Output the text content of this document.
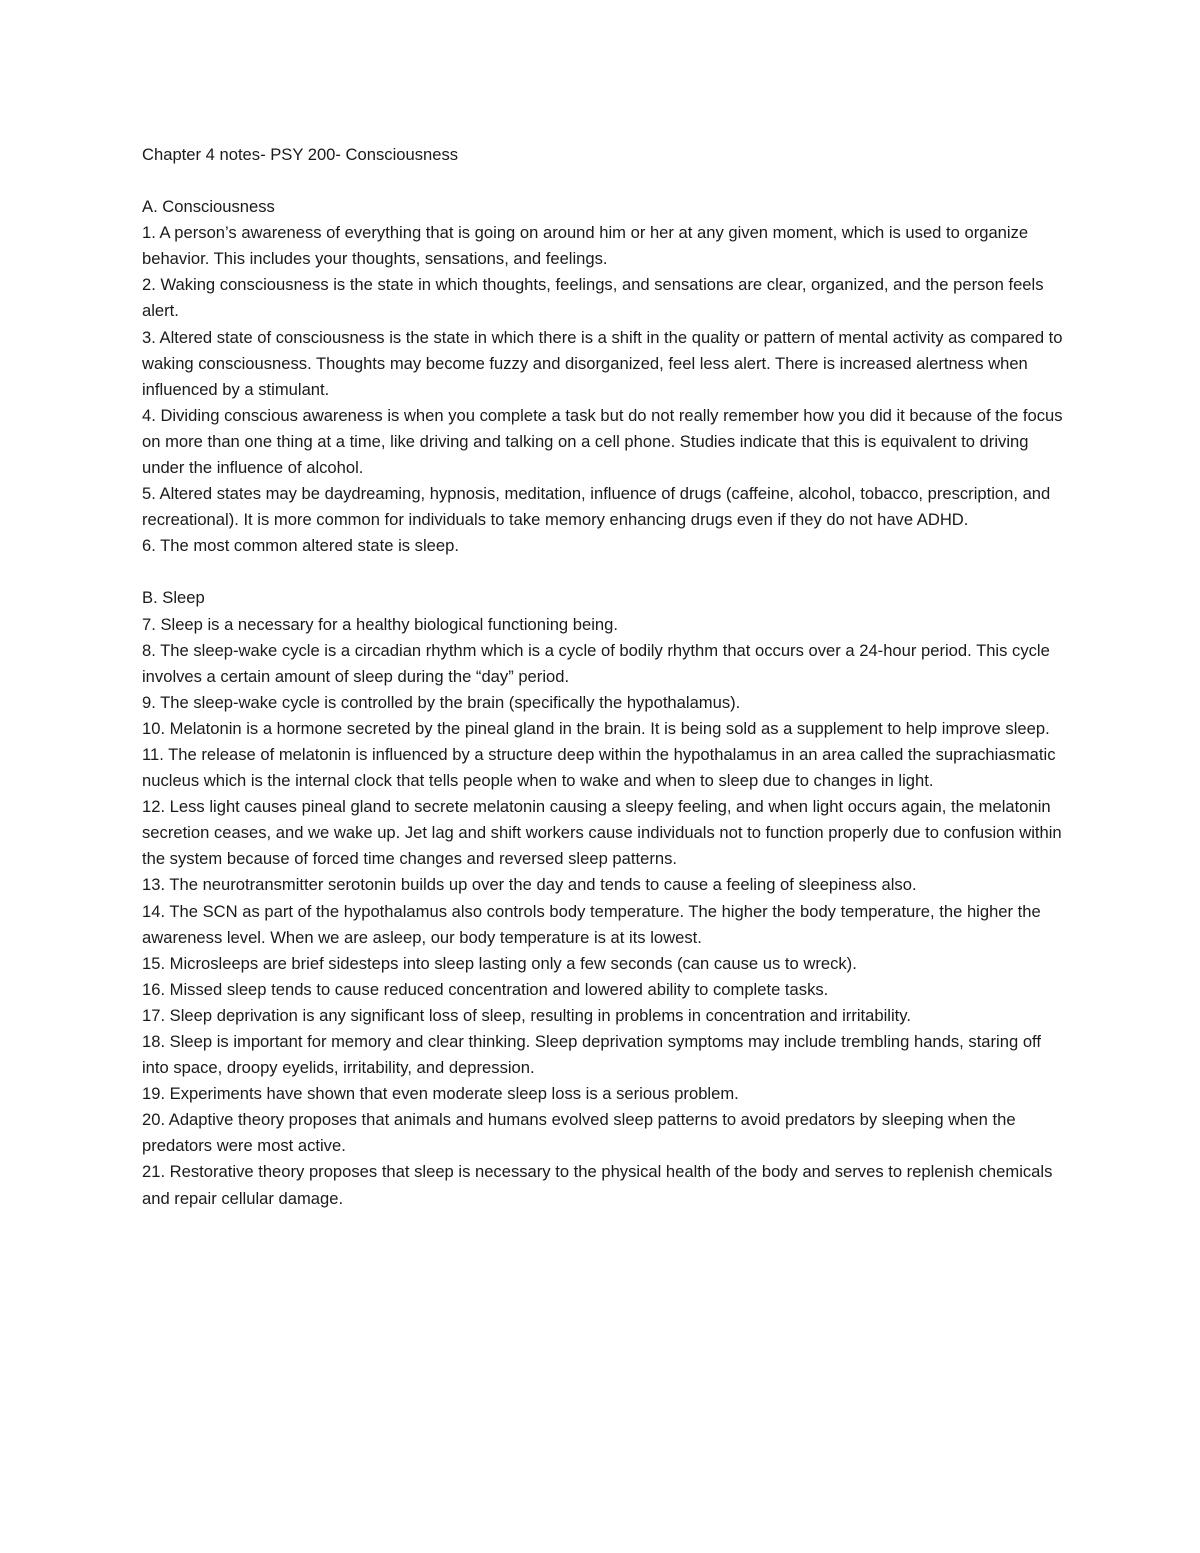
Chapter 4 notes- PSY 200- Consciousness

A. Consciousness

1. A person’s awareness of everything that is going on around him or her at any given moment, which is used to organize behavior. This includes your thoughts, sensations, and feelings.

2. Waking consciousness is the state in which thoughts, feelings, and sensations are clear, organized, and the person feels alert.

3. Altered state of consciousness is the state in which there is a shift in the quality or pattern of mental activity as compared to waking consciousness. Thoughts may become fuzzy and disorganized, feel less alert. There is increased alertness when influenced by a stimulant.

4. Dividing conscious awareness is when you complete a task but do not really remember how you did it because of the focus on more than one thing at a time, like driving and talking on a cell phone. Studies indicate that this is equivalent to driving under the influence of alcohol.

5. Altered states may be daydreaming, hypnosis, meditation, influence of drugs (caffeine, alcohol, tobacco, prescription, and recreational). It is more common for individuals to take memory enhancing drugs even if they do not have ADHD.

6. The most common altered state is sleep.

B. Sleep

7. Sleep is a necessary for a healthy biological functioning being.

8. The sleep-wake cycle is a circadian rhythm which is a cycle of bodily rhythm that occurs over a 24-hour period. This cycle involves a certain amount of sleep during the “day” period.

9. The sleep-wake cycle is controlled by the brain (specifically the hypothalamus).

10. Melatonin is a hormone secreted by the pineal gland in the brain. It is being sold as a supplement to help improve sleep.

11. The release of melatonin is influenced by a structure deep within the hypothalamus in an area called the suprachiasmatic nucleus which is the internal clock that tells people when to wake and when to sleep due to changes in light.

12. Less light causes pineal gland to secrete melatonin causing a sleepy feeling, and when light occurs again, the melatonin secretion ceases, and we wake up. Jet lag and shift workers cause individuals not to function properly due to confusion within the system because of forced time changes and reversed sleep patterns.

13. The neurotransmitter serotonin builds up over the day and tends to cause a feeling of sleepiness also.

14. The SCN as part of the hypothalamus also controls body temperature. The higher the body temperature, the higher the awareness level. When we are asleep, our body temperature is at its lowest.

15. Microsleeps are brief sidesteps into sleep lasting only a few seconds (can cause us to wreck).

16. Missed sleep tends to cause reduced concentration and lowered ability to complete tasks.

17. Sleep deprivation is any significant loss of sleep, resulting in problems in concentration and irritability.

18. Sleep is important for memory and clear thinking. Sleep deprivation symptoms may include trembling hands, staring off into space, droopy eyelids, irritability, and depression.

19. Experiments have shown that even moderate sleep loss is a serious problem.

20. Adaptive theory proposes that animals and humans evolved sleep patterns to avoid predators by sleeping when the predators were most active.

21. Restorative theory proposes that sleep is necessary to the physical health of the body and serves to replenish chemicals and repair cellular damage.
